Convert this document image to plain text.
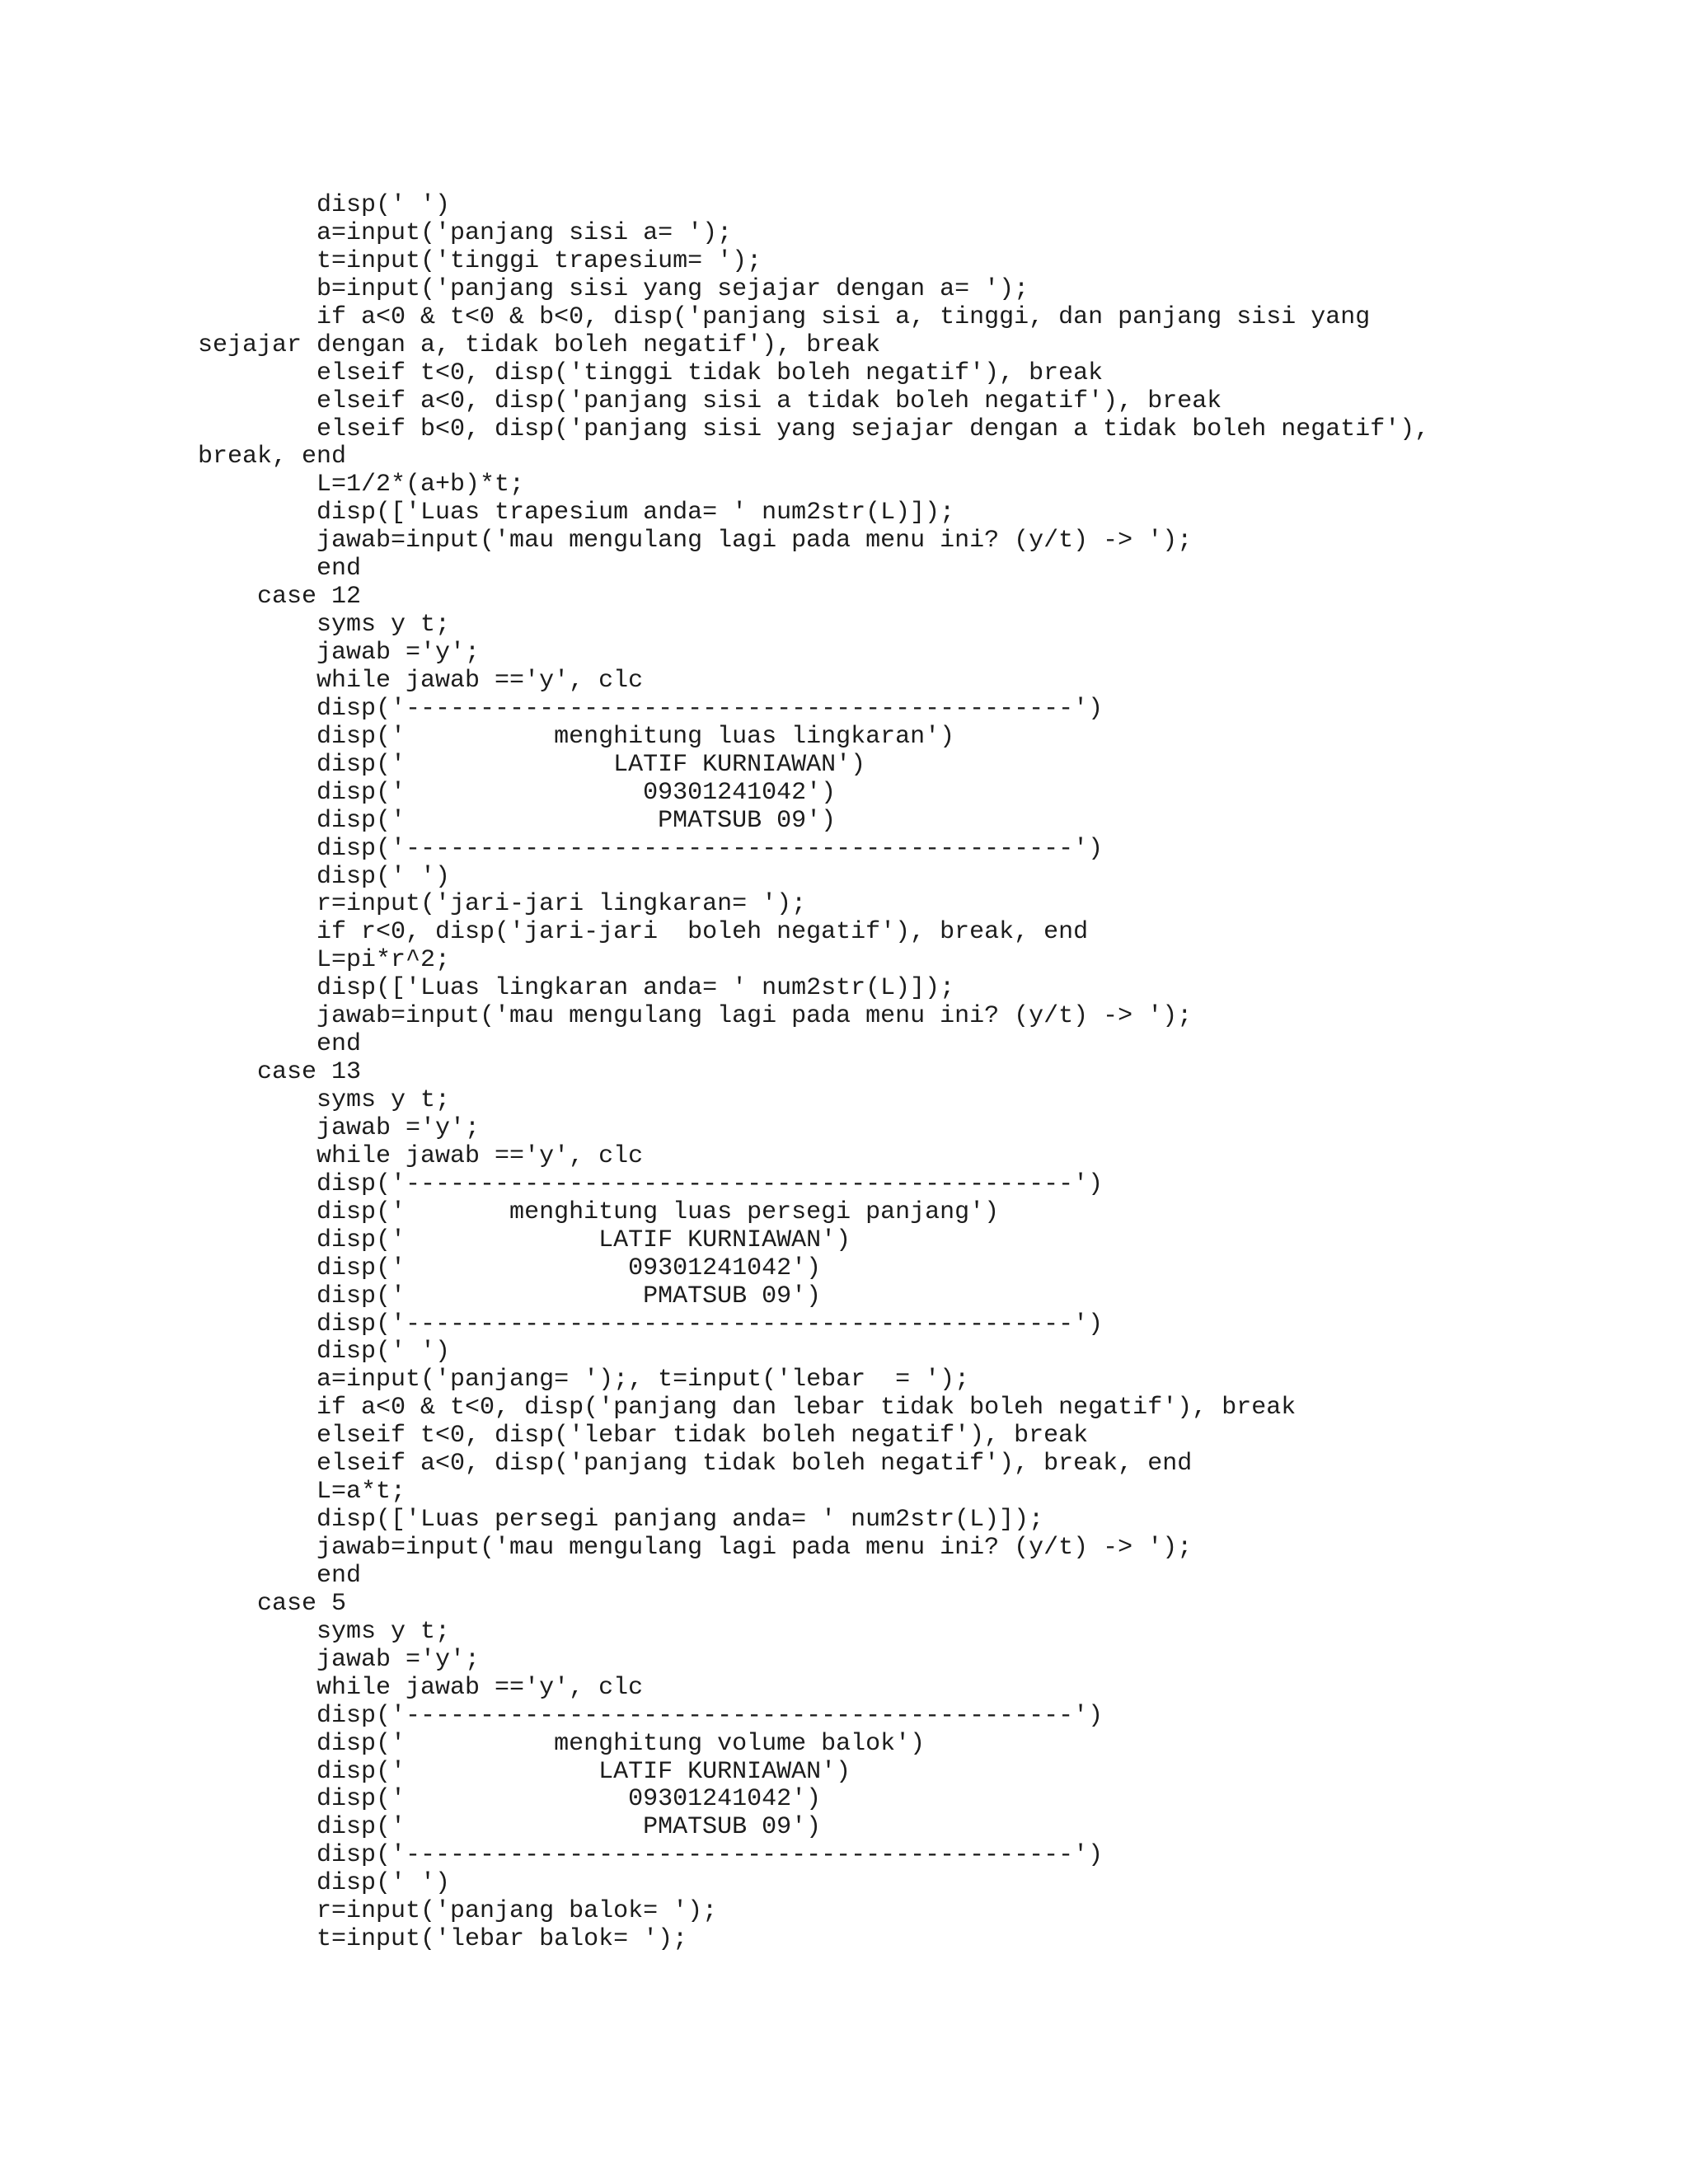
disp(' ')
a=input('panjang sisi a= ');
t=input('tinggi trapesium= ');
b=input('panjang sisi yang sejajar dengan a= ');
if a<0 & t<0 & b<0, disp('panjang sisi a, tinggi, dan panjang sisi yang
sejajar dengan a, tidak boleh negatif'), break
elseif t<0, disp('tinggi tidak boleh negatif'), break
elseif a<0, disp('panjang sisi a tidak boleh negatif'), break
elseif b<0, disp('panjang sisi yang sejajar dengan a tidak boleh negatif'),
break, end
L=1/2*(a+b)*t;
disp(['Luas trapesium anda= ' num2str(L)]);
jawab=input('mau mengulang lagi pada menu ini? (y/t) -> ');
end
case 12
syms y t;
jawab ='y';
while jawab =='y', clc
disp('---------------------------------------------')
disp('          menghitung luas lingkaran')
disp('              LATIF KURNIAWAN')
disp('                09301241042')
disp('                 PMATSUB 09')
disp('---------------------------------------------')
disp(' ')
r=input('jari-jari lingkaran= ');
if r<0, disp('jari-jari  boleh negatif'), break, end
L=pi*r^2;
disp(['Luas lingkaran anda= ' num2str(L)]);
jawab=input('mau mengulang lagi pada menu ini? (y/t) -> ');
end
case 13
syms y t;
jawab ='y';
while jawab =='y', clc
disp('---------------------------------------------')
disp('       menghitung luas persegi panjang')
disp('             LATIF KURNIAWAN')
disp('               09301241042')
disp('                PMATSUB 09')
disp('---------------------------------------------')
disp(' ')
a=input('panjang= ');, t=input('lebar  = ');
if a<0 & t<0, disp('panjang dan lebar tidak boleh negatif'), break
elseif t<0, disp('lebar tidak boleh negatif'), break
elseif a<0, disp('panjang tidak boleh negatif'), break, end
L=a*t;
disp(['Luas persegi panjang anda= ' num2str(L)]);
jawab=input('mau mengulang lagi pada menu ini? (y/t) -> ');
end
case 5
syms y t;
jawab ='y';
while jawab =='y', clc
disp('---------------------------------------------')
disp('          menghitung volume balok')
disp('             LATIF KURNIAWAN')
disp('               09301241042')
disp('                PMATSUB 09')
disp('---------------------------------------------')
disp(' ')
r=input('panjang balok= ');
t=input('lebar balok= ');
